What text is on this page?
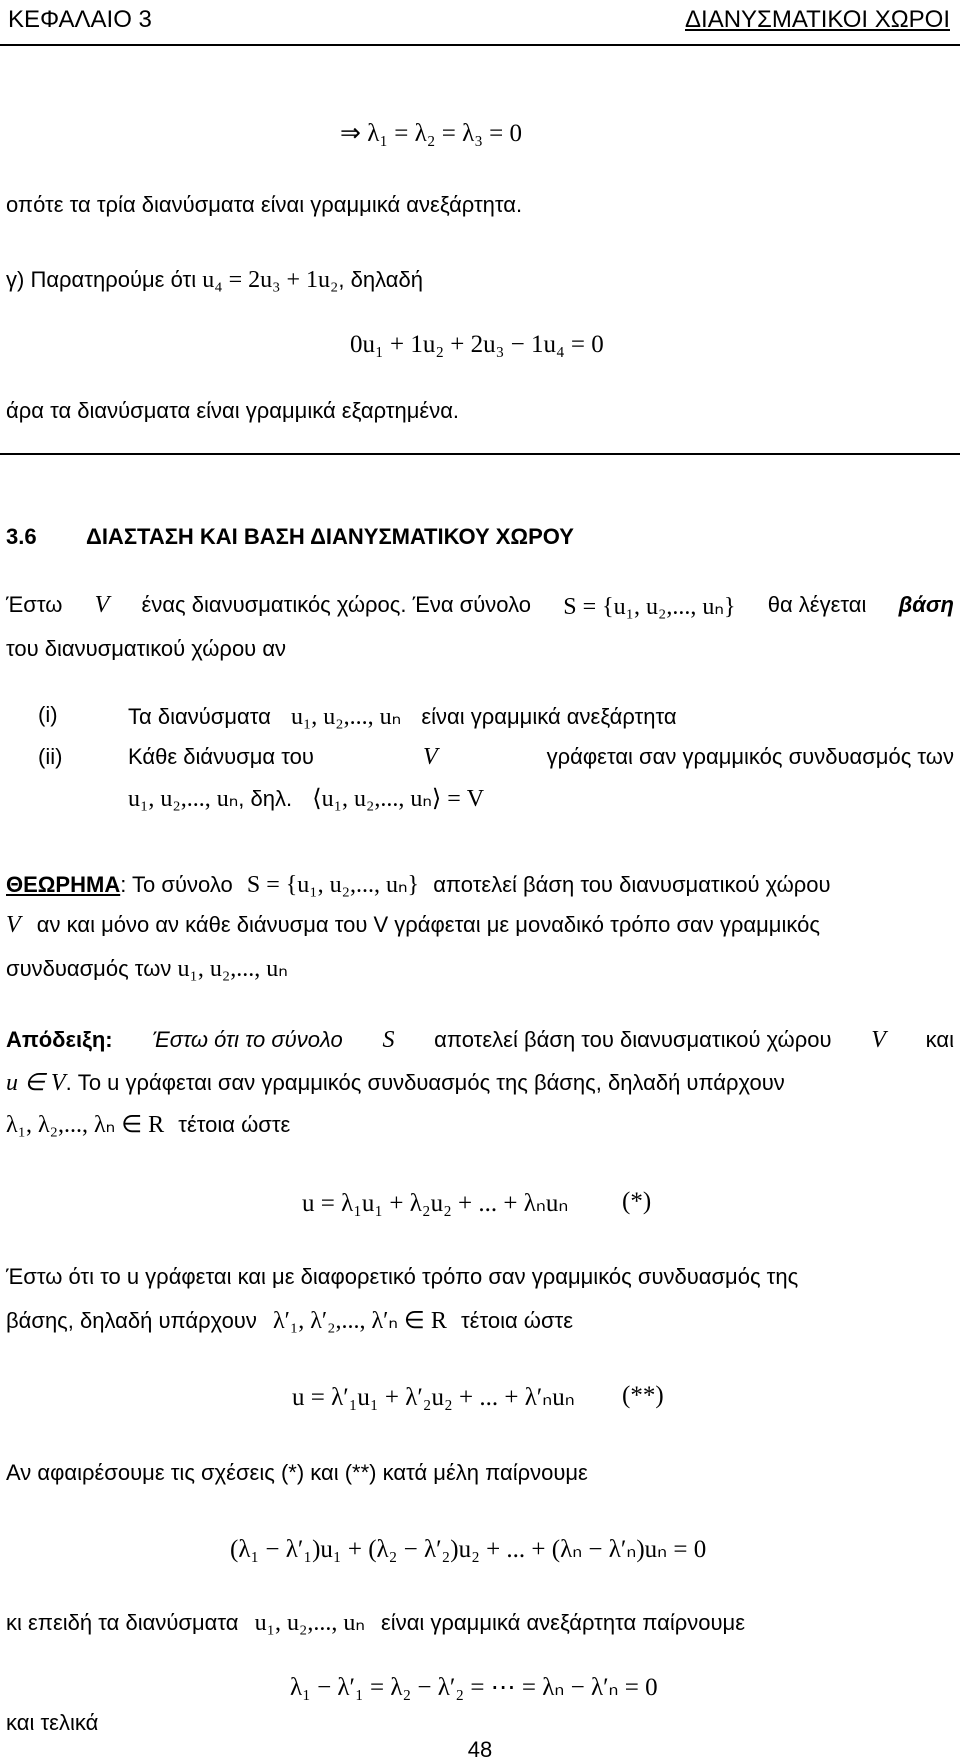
ΚΕΦΑΛΑΙΟ 3	ΔΙΑΝΥΣΜΑΤΙΚΟΙ ΧΩΡΟΙ
⇒ λ₁ = λ₂ = λ₃ = 0
οπότε τα τρία διανύσματα είναι γραμμικά ανεξάρτητα.
γ) Παρατηρούμε ότι u₄ = 2u₃ + 1u₂, δηλαδή
0u₁ + 1u₂ + 2u₃ − 1u₄ = 0
άρα τα διανύσματα είναι γραμμικά εξαρτημένα.
3.6 ΔΙΑΣΤΑΣΗ ΚΑΙ ΒΑΣΗ ΔΙΑΝΥΣΜΑΤΙΚΟΥ ΧΩΡΟΥ
Έστω V ένας διανυσματικός χώρος. Ένα σύνολο S = {u₁, u₂,..., uₙ} θα λέγεται βάση
του διανυσματικού χώρου αν
(i)	Τα διανύσματα u₁, u₂,..., uₙ είναι γραμμικά ανεξάρτητα
(ii)	Κάθε διάνυσμα του	V	γράφεται σαν γραμμικός συνδυασμός των
u₁, u₂,..., uₙ, δηλ. ⟨u₁, u₂,..., uₙ⟩ = V
ΘΕΩΡΗΜΑ: Το σύνολο S = {u₁, u₂,..., uₙ} αποτελεί βάση του διανυσματικού χώρου
V αν και μόνο αν κάθε διάνυσμα του V γράφεται με μοναδικό τρόπο σαν γραμμικός
συνδυασμός των u₁, u₂,..., uₙ
Απόδειξη: Έστω ότι το σύνολο S αποτελεί βάση του διανυσματικού χώρου V και
u ∈ V. Το u γράφεται σαν γραμμικός συνδυασμός της βάσης, δηλαδή υπάρχουν
λ₁, λ₂,..., λₙ ∈ R τέτοια ώστε
u = λ₁u₁ + λ₂u₂ + ... + λₙuₙ (*)
Έστω ότι το u γράφεται και με διαφορετικό τρόπο σαν γραμμικός συνδυασμός της
βάσης, δηλαδή υπάρχουν λ′₁, λ′₂,..., λ′ₙ ∈ R τέτοια ώστε
u = λ′₁u₁ + λ′₂u₂ + ... + λ′ₙuₙ (**)
Αν αφαιρέσουμε τις σχέσεις (*) και (**) κατά μέλη παίρνουμε
(λ₁ − λ′₁)u₁ + (λ₂ − λ′₂)u₂ + ... + (λₙ − λ′ₙ)uₙ = 0
κι επειδή τα διανύσματα u₁, u₂,..., uₙ είναι γραμμικά ανεξάρτητα παίρνουμε
λ₁ − λ′₁ = λ₂ − λ′₂ = ⋯ = λₙ − λ′ₙ = 0
και τελικά
48
